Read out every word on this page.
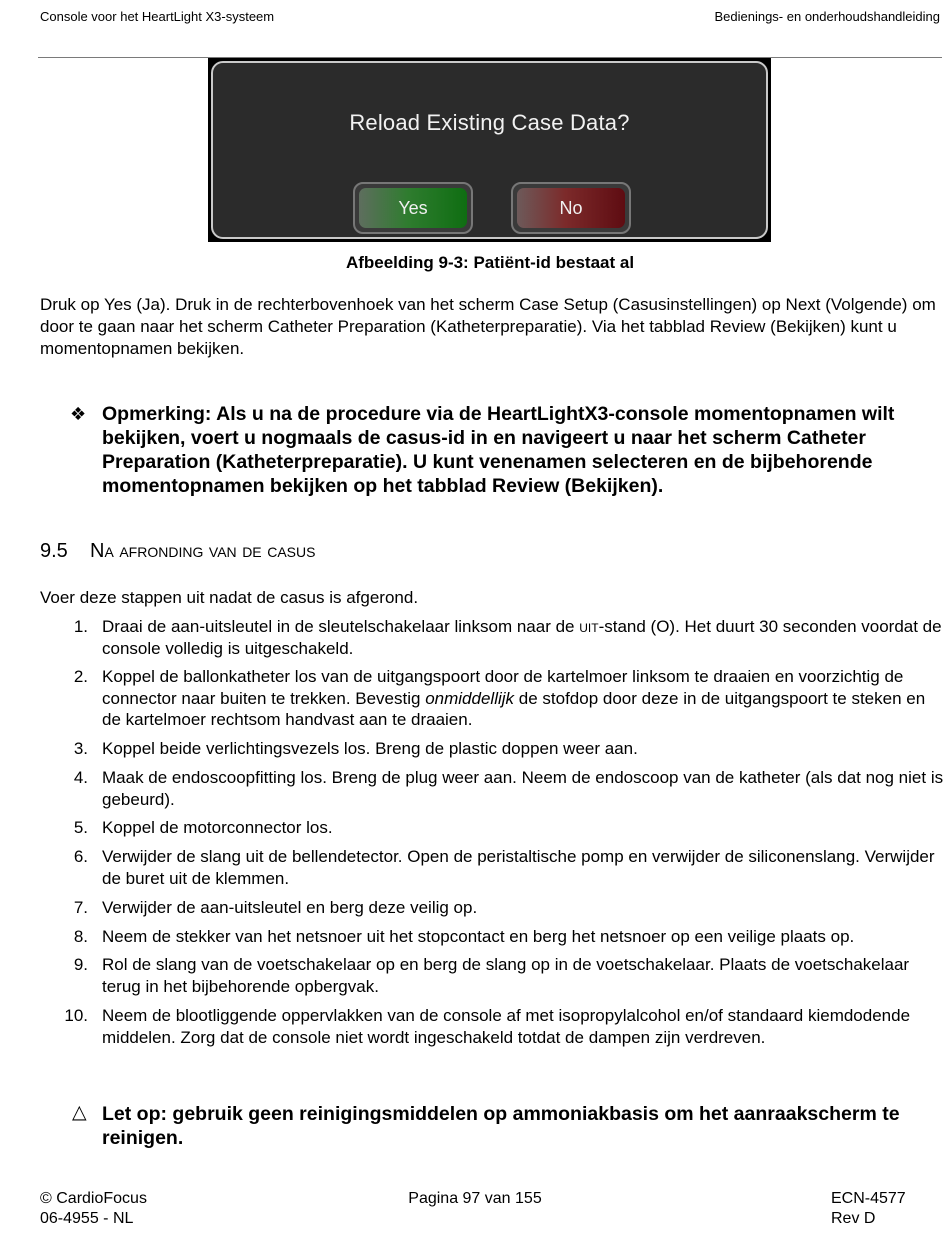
Console voor het HeartLight X3-systeem	Bedienings- en onderhoudshandleiding
Reload Existing Case Data?
Yes	No
Afbeelding 9-3: Patiënt-id bestaat al
Druk op Yes (Ja). Druk in de rechterbovenhoek van het scherm Case Setup (Casusinstellingen) op Next (Volgende) om door te gaan naar het scherm Catheter Preparation (Katheterpreparatie). Via het tabblad Review (Bekijken) kunt u momentopnamen bekijken.
❖ Opmerking: Als u na de procedure via de HeartLightX3-console momentopnamen wilt bekijken, voert u nogmaals de casus-id in en navigeert u naar het scherm Catheter Preparation (Katheterpreparatie). U kunt venenamen selecteren en de bijbehorende momentopnamen bekijken op het tabblad Review (Bekijken).
9.5 Na afronding van de casus
Voer deze stappen uit nadat de casus is afgerond.
1. Draai de aan-uitsleutel in de sleutelschakelaar linksom naar de uit-stand (O). Het duurt 30 seconden voordat de console volledig is uitgeschakeld.
2. Koppel de ballonkatheter los van de uitgangspoort door de kartelmoer linksom te draaien en voorzichtig de connector naar buiten te trekken. Bevestig onmiddellijk de stofdop door deze in de uitgangspoort te steken en de kartelmoer rechtsom handvast aan te draaien.
3. Koppel beide verlichtingsvezels los. Breng de plastic doppen weer aan.
4. Maak de endoscoopfitting los. Breng de plug weer aan. Neem de endoscoop van de katheter (als dat nog niet is gebeurd).
5. Koppel de motorconnector los.
6. Verwijder de slang uit de bellendetector. Open de peristaltische pomp en verwijder de siliconenslang. Verwijder de buret uit de klemmen.
7. Verwijder de aan-uitsleutel en berg deze veilig op.
8. Neem de stekker van het netsnoer uit het stopcontact en berg het netsnoer op een veilige plaats op.
9. Rol de slang van de voetschakelaar op en berg de slang op in de voetschakelaar. Plaats de voetschakelaar terug in het bijbehorende opbergvak.
10. Neem de blootliggende oppervlakken van de console af met isopropylalcohol en/of standaard kiemdodende middelen. Zorg dat de console niet wordt ingeschakeld totdat de dampen zijn verdreven.
△ Let op: gebruik geen reinigingsmiddelen op ammoniakbasis om het aanraakscherm te reinigen.
© CardioFocus
06-4955 - NL
Pagina 97 van 155	ECN-4577
Rev D
